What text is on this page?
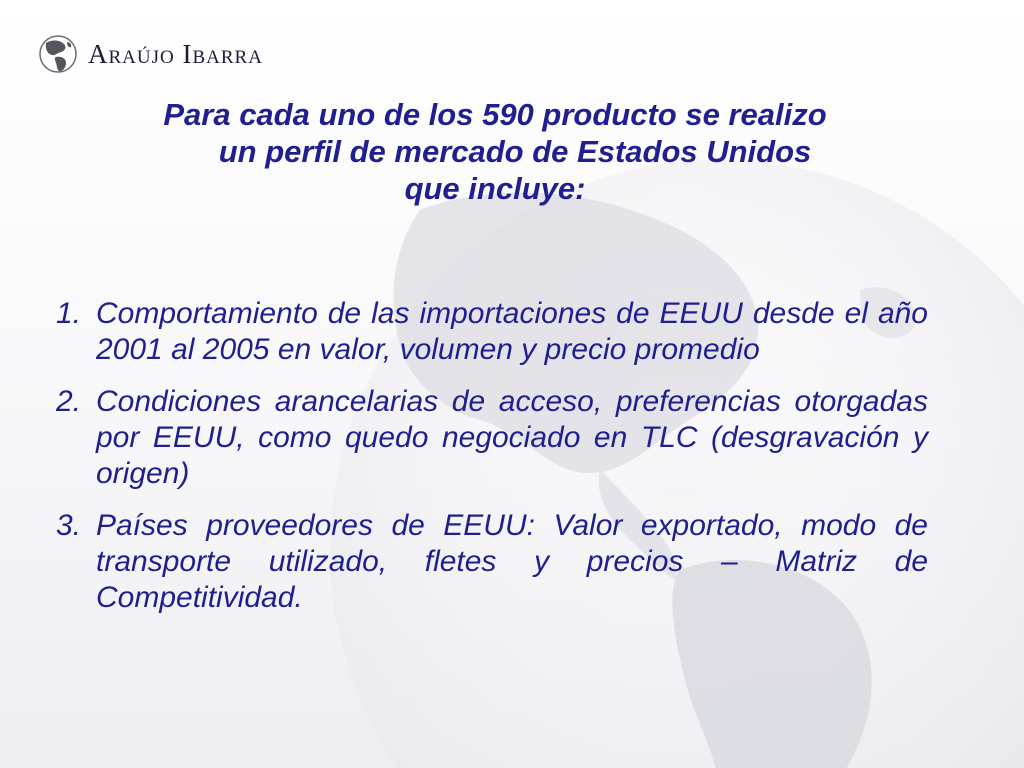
Araújo Ibarra
Para cada uno de los 590 producto se realizo
un perfil de mercado de Estados Unidos
que incluye:
1. Comportamiento de las importaciones de EEUU desde el año 2001 al 2005 en valor, volumen y precio promedio
2. Condiciones arancelarias de acceso, preferencias otorgadas por EEUU, como quedo negociado en TLC (desgravación y origen)
3. Países proveedores de EEUU: Valor exportado, modo de transporte utilizado, fletes y precios – Matriz de Competitividad.
